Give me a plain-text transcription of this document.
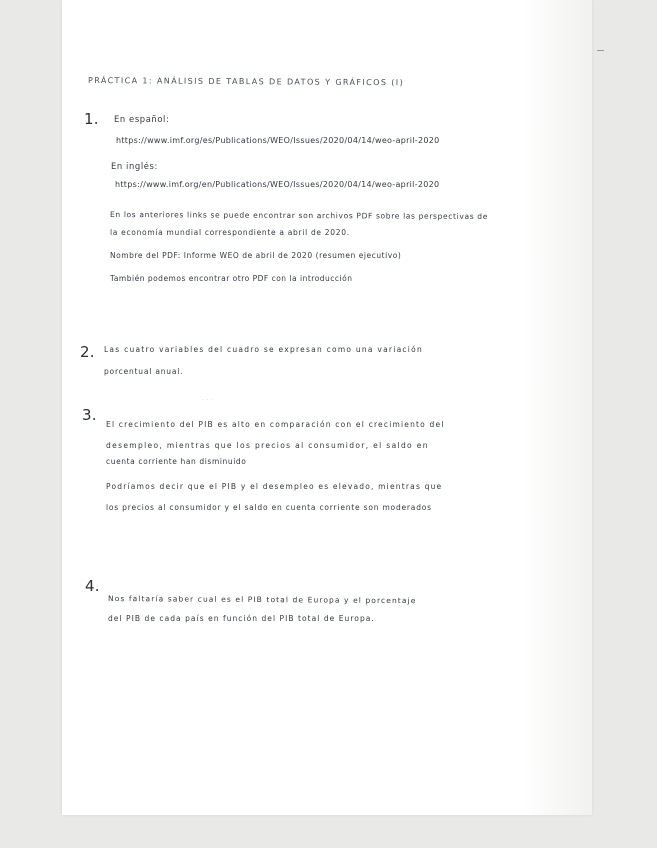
PRÁCTICA 1: ANÁLISIS DE TABLAS DE DATOS Y GRÁFICOS (I)
1. En español:
https://www.imf.org/es/Publications/WEO/Issues/2020/04/14/weo-april-2020
En inglés:
https://www.imf.org/en/Publications/WEO/Issues/2020/04/14/weo-april-2020
En los anteriores links se puede encontrar son archivos PDF sobre las perspectivas de
la economía mundial correspondiente a abril de 2020.
Nombre del PDF: Informe WEO de abril de 2020 (resumen ejecutivo)
También podemos encontrar otro PDF con la introducción
2. Las cuatro variables del cuadro se expresan como una variación
porcentual anual.
· · ·
3.
El crecimiento del PIB es alto en comparación con el crecimiento del
desempleo, mientras que los precios al consumidor, el saldo en
cuenta corriente han disminuido
Podríamos decir que el PIB y el desempleo es elevado, mientras que
los precios al consumidor y el saldo en cuenta corriente son moderados
4.
Nos faltaría saber cual es el PIB total de Europa y el porcentaje
del PIB de cada país en función del PIB total de Europa.
